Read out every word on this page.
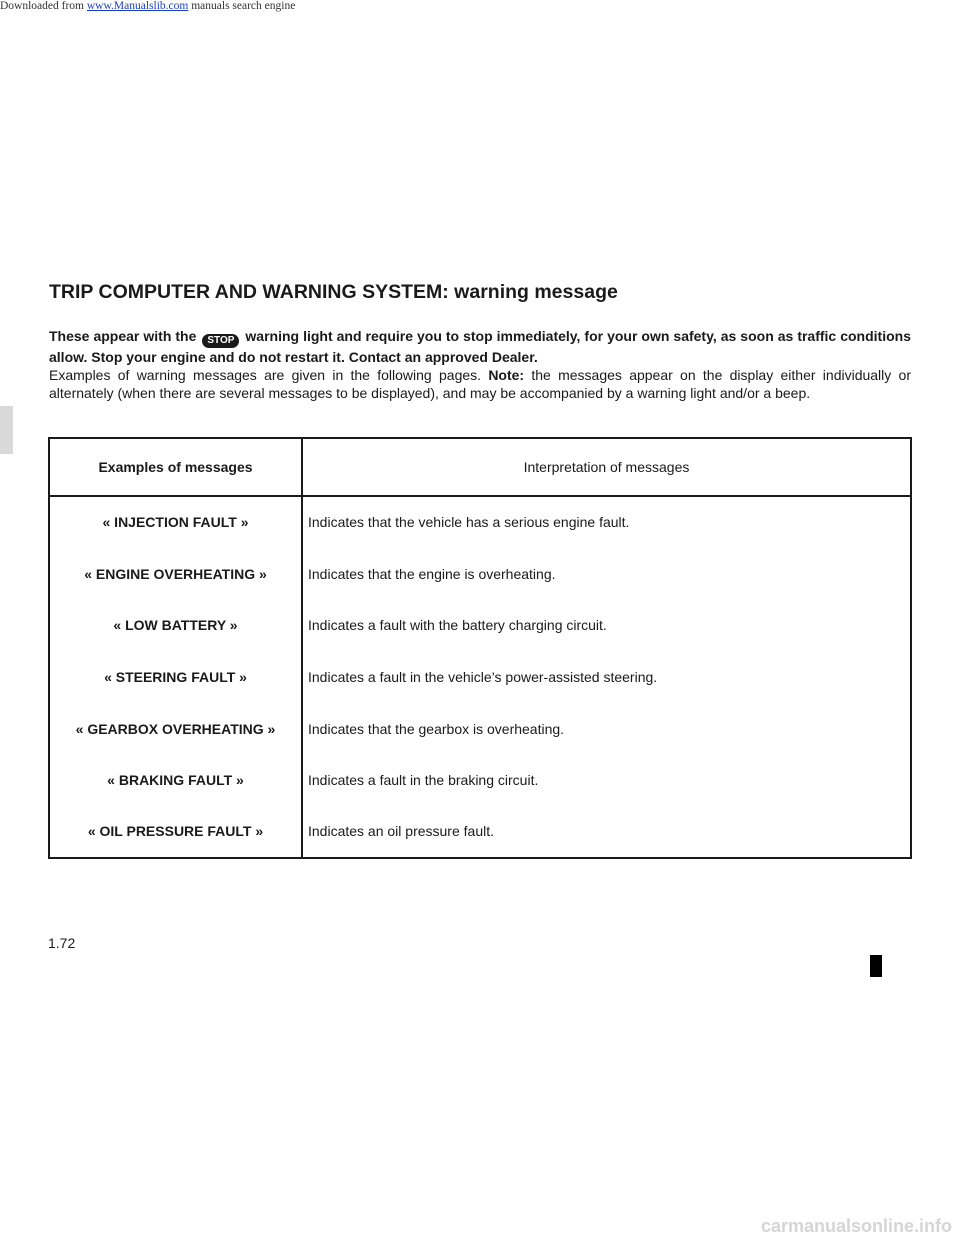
Downloaded from www.Manualslib.com manuals search engine
TRIP COMPUTER AND WARNING SYSTEM: warning message

These appear with the STOP warning light and require you to stop immediately, for your own safety, as soon as traffic conditions allow. Stop your engine and do not restart it. Contact an approved Dealer.
Examples of warning messages are given in the following pages. Note: the messages appear on the display either individually or alternately (when there are several messages to be displayed), and may be accompanied by a warning light and/or a beep.

Examples of messages	Interpretation of messages
« INJECTION FAULT »	Indicates that the vehicle has a serious engine fault.
« ENGINE OVERHEATING »	Indicates that the engine is overheating.
« LOW BATTERY »	Indicates a fault with the battery charging circuit.
« STEERING FAULT »	Indicates a fault in the vehicle’s power-assisted steering.
« GEARBOX OVERHEATING »	Indicates that the gearbox is overheating.
« BRAKING FAULT »	Indicates a fault in the braking circuit.
« OIL PRESSURE FAULT »	Indicates an oil pressure fault.
1.72
carmanualsonline.info
